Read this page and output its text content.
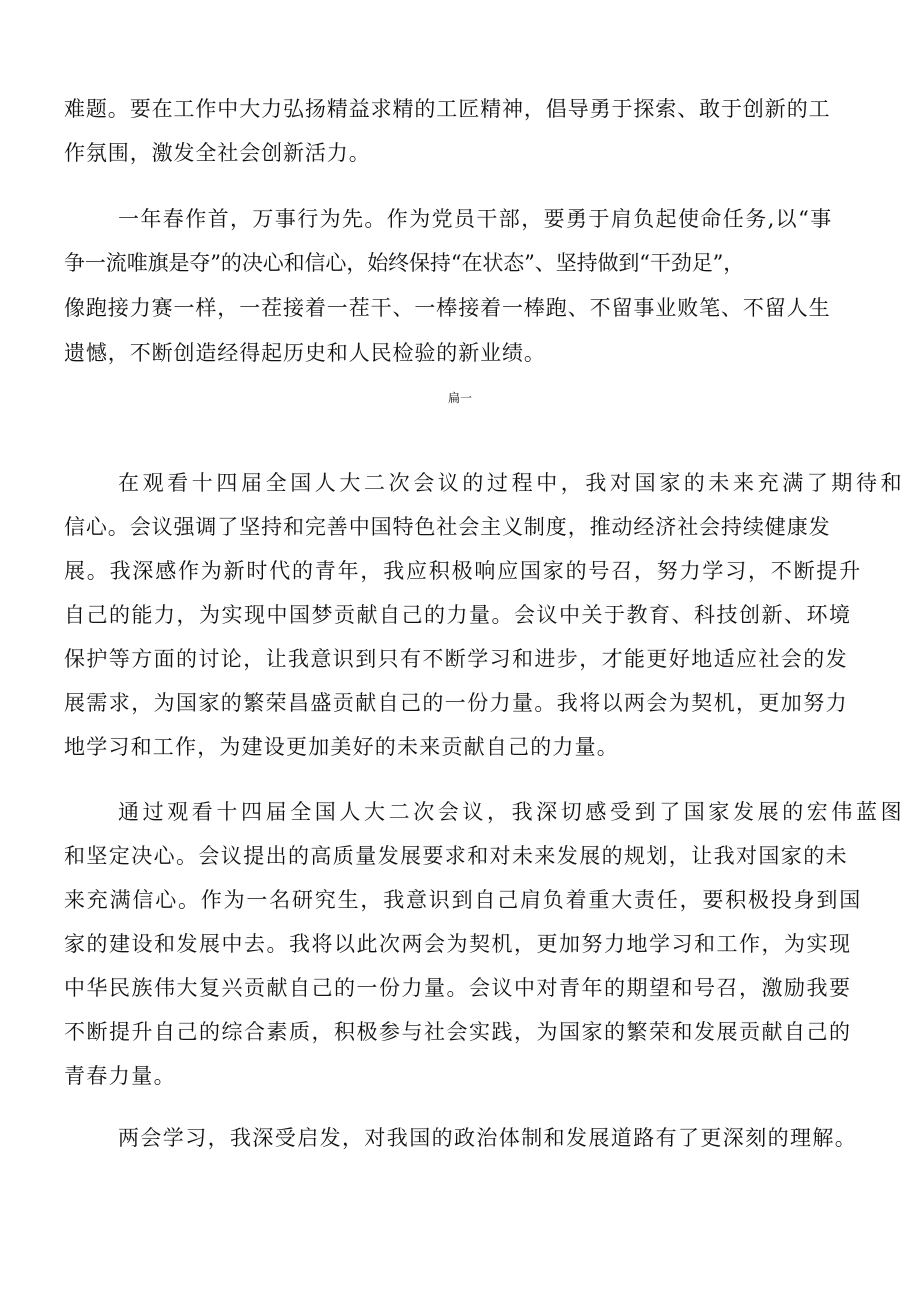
难题。要在工作中大力弘扬精益求精的工匠精神，倡导勇于探索、敢于创新的工
作氛围，激发全社会创新活力。
一年春作首，万事行为先。作为党员干部，要勇于肩负起使命任务,以“事
争一流唯旗是夺”的决心和信心，始终保持“在状态”、坚持做到“干劲足”，
像跑接力赛一样，一茬接着一茬干、一棒接着一棒跑、不留事业败笔、不留人生
遗憾，不断创造经得起历史和人民检验的新业绩。
扁一
在观看十四届全国人大二次会议的过程中，我对国家的未来充满了期待和
信心。会议强调了坚持和完善中国特色社会主义制度，推动经济社会持续健康发
展。我深感作为新时代的青年，我应积极响应国家的号召，努力学习，不断提升
自己的能力，为实现中国梦贡献自己的力量。会议中关于教育、科技创新、环境
保护等方面的讨论，让我意识到只有不断学习和进步，才能更好地适应社会的发
展需求，为国家的繁荣昌盛贡献自己的一份力量。我将以两会为契机，更加努力
地学习和工作，为建设更加美好的未来贡献自己的力量。
通过观看十四届全国人大二次会议，我深切感受到了国家发展的宏伟蓝图
和坚定决心。会议提出的高质量发展要求和对未来发展的规划，让我对国家的未
来充满信心。作为一名研究生，我意识到自己肩负着重大责任，要积极投身到国
家的建设和发展中去。我将以此次两会为契机，更加努力地学习和工作，为实现
中华民族伟大复兴贡献自己的一份力量。会议中对青年的期望和号召，激励我要
不断提升自己的综合素质，积极参与社会实践，为国家的繁荣和发展贡献自己的
青春力量。
两会学习，我深受启发，对我国的政治体制和发展道路有了更深刻的理解。
